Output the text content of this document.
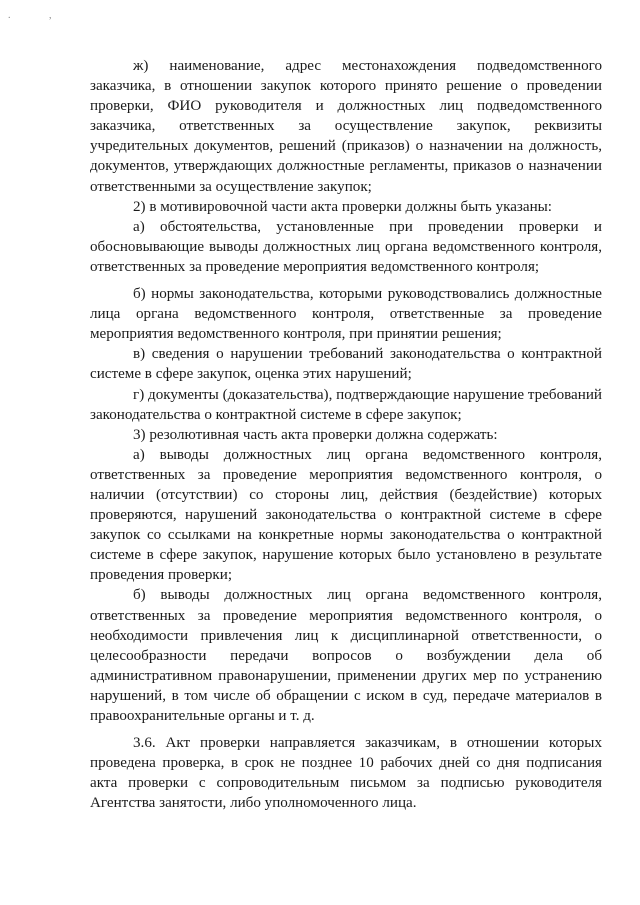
. ,

ж) наименование, адрес местонахождения подведомственного заказчика, в отношении закупок которого принято решение о проведении проверки, ФИО руководителя и должностных лиц подведомственного заказчика, ответственных за осуществление закупок, реквизиты учредительных документов, решений (приказов) о назначении на должность, документов, утверждающих должностные регламенты, приказов о назначении ответственными за осуществление закупок;

2) в мотивировочной части акта проверки должны быть указаны:

а) обстоятельства, установленные при проведении проверки и обосновывающие выводы должностных лиц органа ведомственного контроля, ответственных за проведение мероприятия ведомственного контроля;

б) нормы законодательства, которыми руководствовались должностные лица органа ведомственного контроля, ответственные за проведение мероприятия ведомственного контроля, при принятии решения;

в) сведения о нарушении требований законодательства о контрактной системе в сфере закупок, оценка этих нарушений;

г) документы (доказательства), подтверждающие нарушение требований законодательства о контрактной системе в сфере закупок;

3) резолютивная часть акта проверки должна содержать:

а) выводы должностных лиц органа ведомственного контроля, ответственных за проведение мероприятия ведомственного контроля, о наличии (отсутствии) со стороны лиц, действия (бездействие) которых проверяются, нарушений законодательства о контрактной системе в сфере закупок со ссылками на конкретные нормы законодательства о контрактной системе в сфере закупок, нарушение которых было установлено в результате проведения проверки;

б) выводы должностных лиц органа ведомственного контроля, ответственных за проведение мероприятия ведомственного контроля, о необходимости привлечения лиц к дисциплинарной ответственности, о целесообразности передачи вопросов о возбуждении дела об административном правонарушении, применении других мер по устранению нарушений, в том числе об обращении с иском в суд, передаче материалов в правоохранительные органы и т. д.

3.6. Акт проверки направляется заказчикам, в отношении которых проведена проверка, в срок не позднее 10 рабочих дней со дня подписания акта проверки с сопроводительным письмом за подписью руководителя Агентства занятости, либо уполномоченного лица.
